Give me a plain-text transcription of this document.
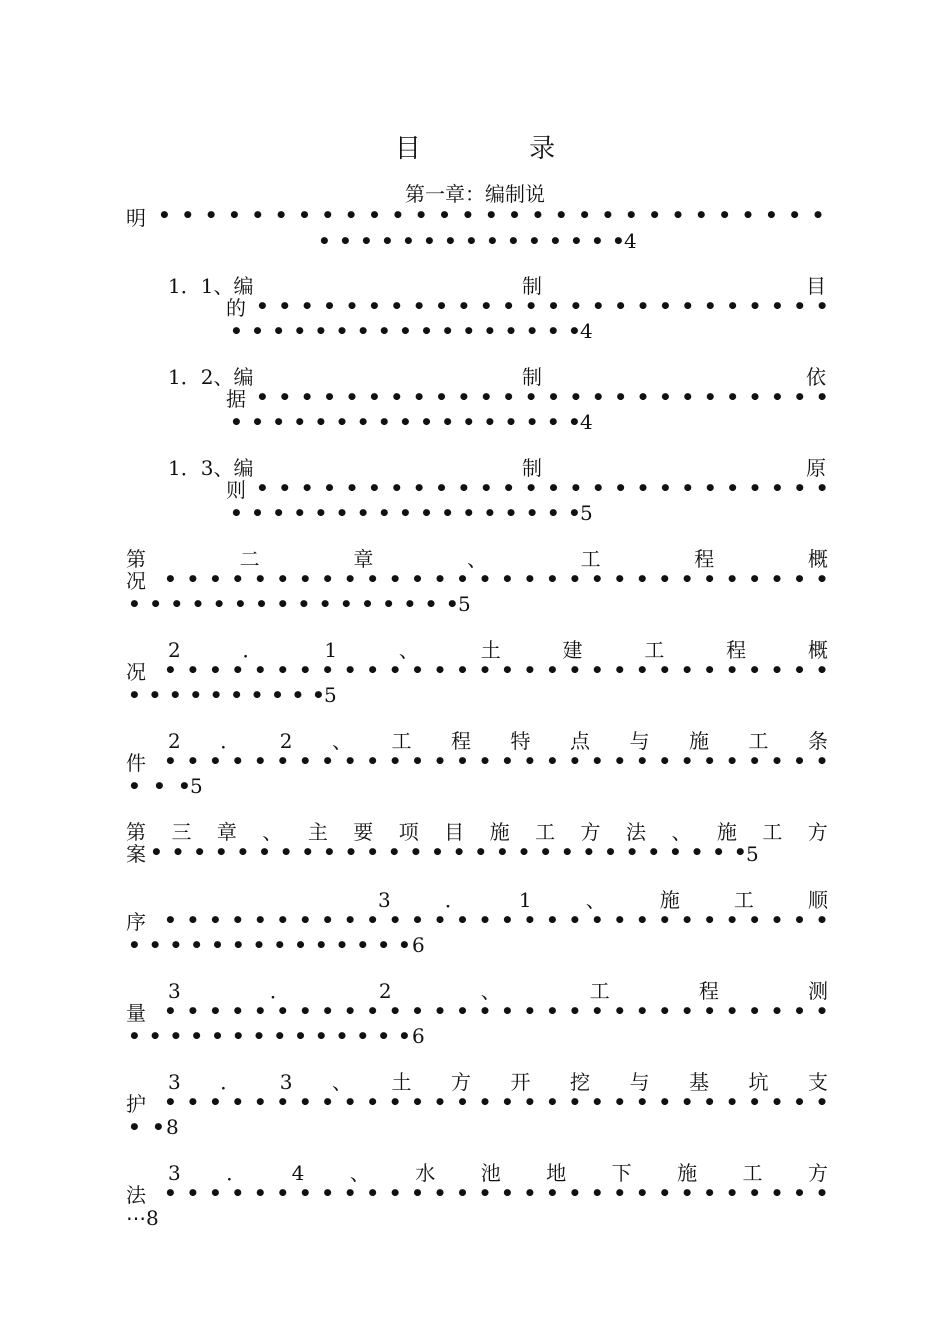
目 录
第一章：编制说
明 • • • • • • • • • • • • • • • • • • • • • • • • • • • • •
• • • • • • • • • • • • • • • 4
1．1、编	制	目
的 • • • • • • • • • • • • • • • • • • • • • • • • • •
• • • • • • • • • • • • • • • • • 4
1．2、编	制	依
据 • • • • • • • • • • • • • • • • • • • • • • • • • •
• • • • • • • • • • • • • • • • • 4
1．3、编	制	原
则 • • • • • • • • • • • • • • • • • • • • • • • • • •
• • • • • • • • • • • • • • • • • 5
第	二	章	、	工	程	概
况 • • • • • • • • • • • • • • • • • • • • • • • • • • • • • •
• • • • • • • • • • • • • • • • 5
2	．	1	、	土	建	工	程	概
况 • • • • • • • • • • • • • • • • • • • • • • • • • • • • • •
• • • • • • • • • • 5
2 ． 2 、 工 程 特 点 与 施 工 条
件 • • • • • • • • • • • • • • • • • • • • • • • • • • • • • •
• • • 5
第 三 章 、 主 要 项 目 施 工 方 法 、 施 工 方
案 • • • • • • • • • • • • • • • • • • • • • • • • • • • • 5
3	．	1	、	施	工	顺
序 • • • • • • • • • • • • • • • • • • • • • • • • • • • • • •
• • • • • • • • • • • • • • 6
3	．	2	、	工	程	测
量 • • • • • • • • • • • • • • • • • • • • • • • • • • • • • •
• • • • • • • • • • • • • • 6
3 ． 3 、 土 方 开 挖 与 基 坑 支
护 • • • • • • • • • • • • • • • • • • • • • • • • • • • • • •
• • 8
3 ． 4 、 水 池 地 下 施 工 方
法 • • • • • • • • • • • • • • • • • • • • • • • • • • • • • •
⋯ 8
